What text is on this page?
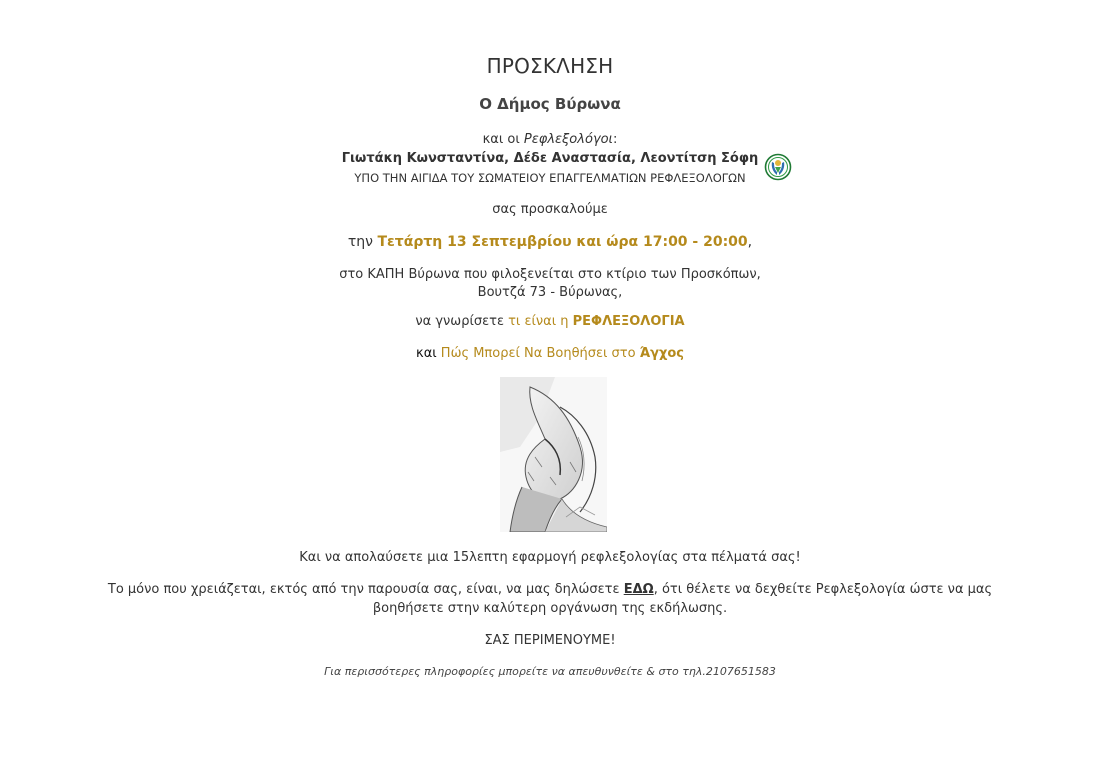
ΠΡΟΣΚΛΗΣΗ
Ο Δήμος Βύρωνα
και οι Ρεφλεξολόγοι:
Γιωτάκη Κωνσταντίνα, Δέδε Αναστασία, Λεοντίτση Σόφη
ΥΠΟ ΤΗΝ ΑΙΓΙΔΑ ΤΟΥ ΣΩΜΑΤΕΙΟΥ ΕΠΑΓΓΕΛΜΑΤΙΩΝ ΡΕΦΛΕΞΟΛΟΓΩΝ
σας προσκαλούμε
την Τετάρτη 13 Σεπτεμβρίου και ώρα 17:00 - 20:00,
στο ΚΑΠΗ Βύρωνα που φιλοξενείται στο κτίριο των Προσκόπων,
Βουτζά 73 - Βύρωνας,
να γνωρίσετε τι είναι η ΡΕΦΛΕΞΟΛΟΓΙΑ
και Πώς Μπορεί Να Βοηθήσει στο Άγχος
Και να απολαύσετε μια 15λεπτη εφαρμογή ρεφλεξολογίας στα πέλματά σας!
Το μόνο που χρειάζεται, εκτός από την παρουσία σας, είναι, να μας δηλώσετε ΕΔΩ, ότι θέλετε να δεχθείτε Ρεφλεξολογία ώστε να μας
βοηθήσετε στην καλύτερη οργάνωση της εκδήλωσης.
ΣΑΣ ΠΕΡΙΜΕΝΟΥΜΕ!
Για περισσότερες πληροφορίες μπορείτε να απευθυνθείτε & στο τηλ.2107651583
